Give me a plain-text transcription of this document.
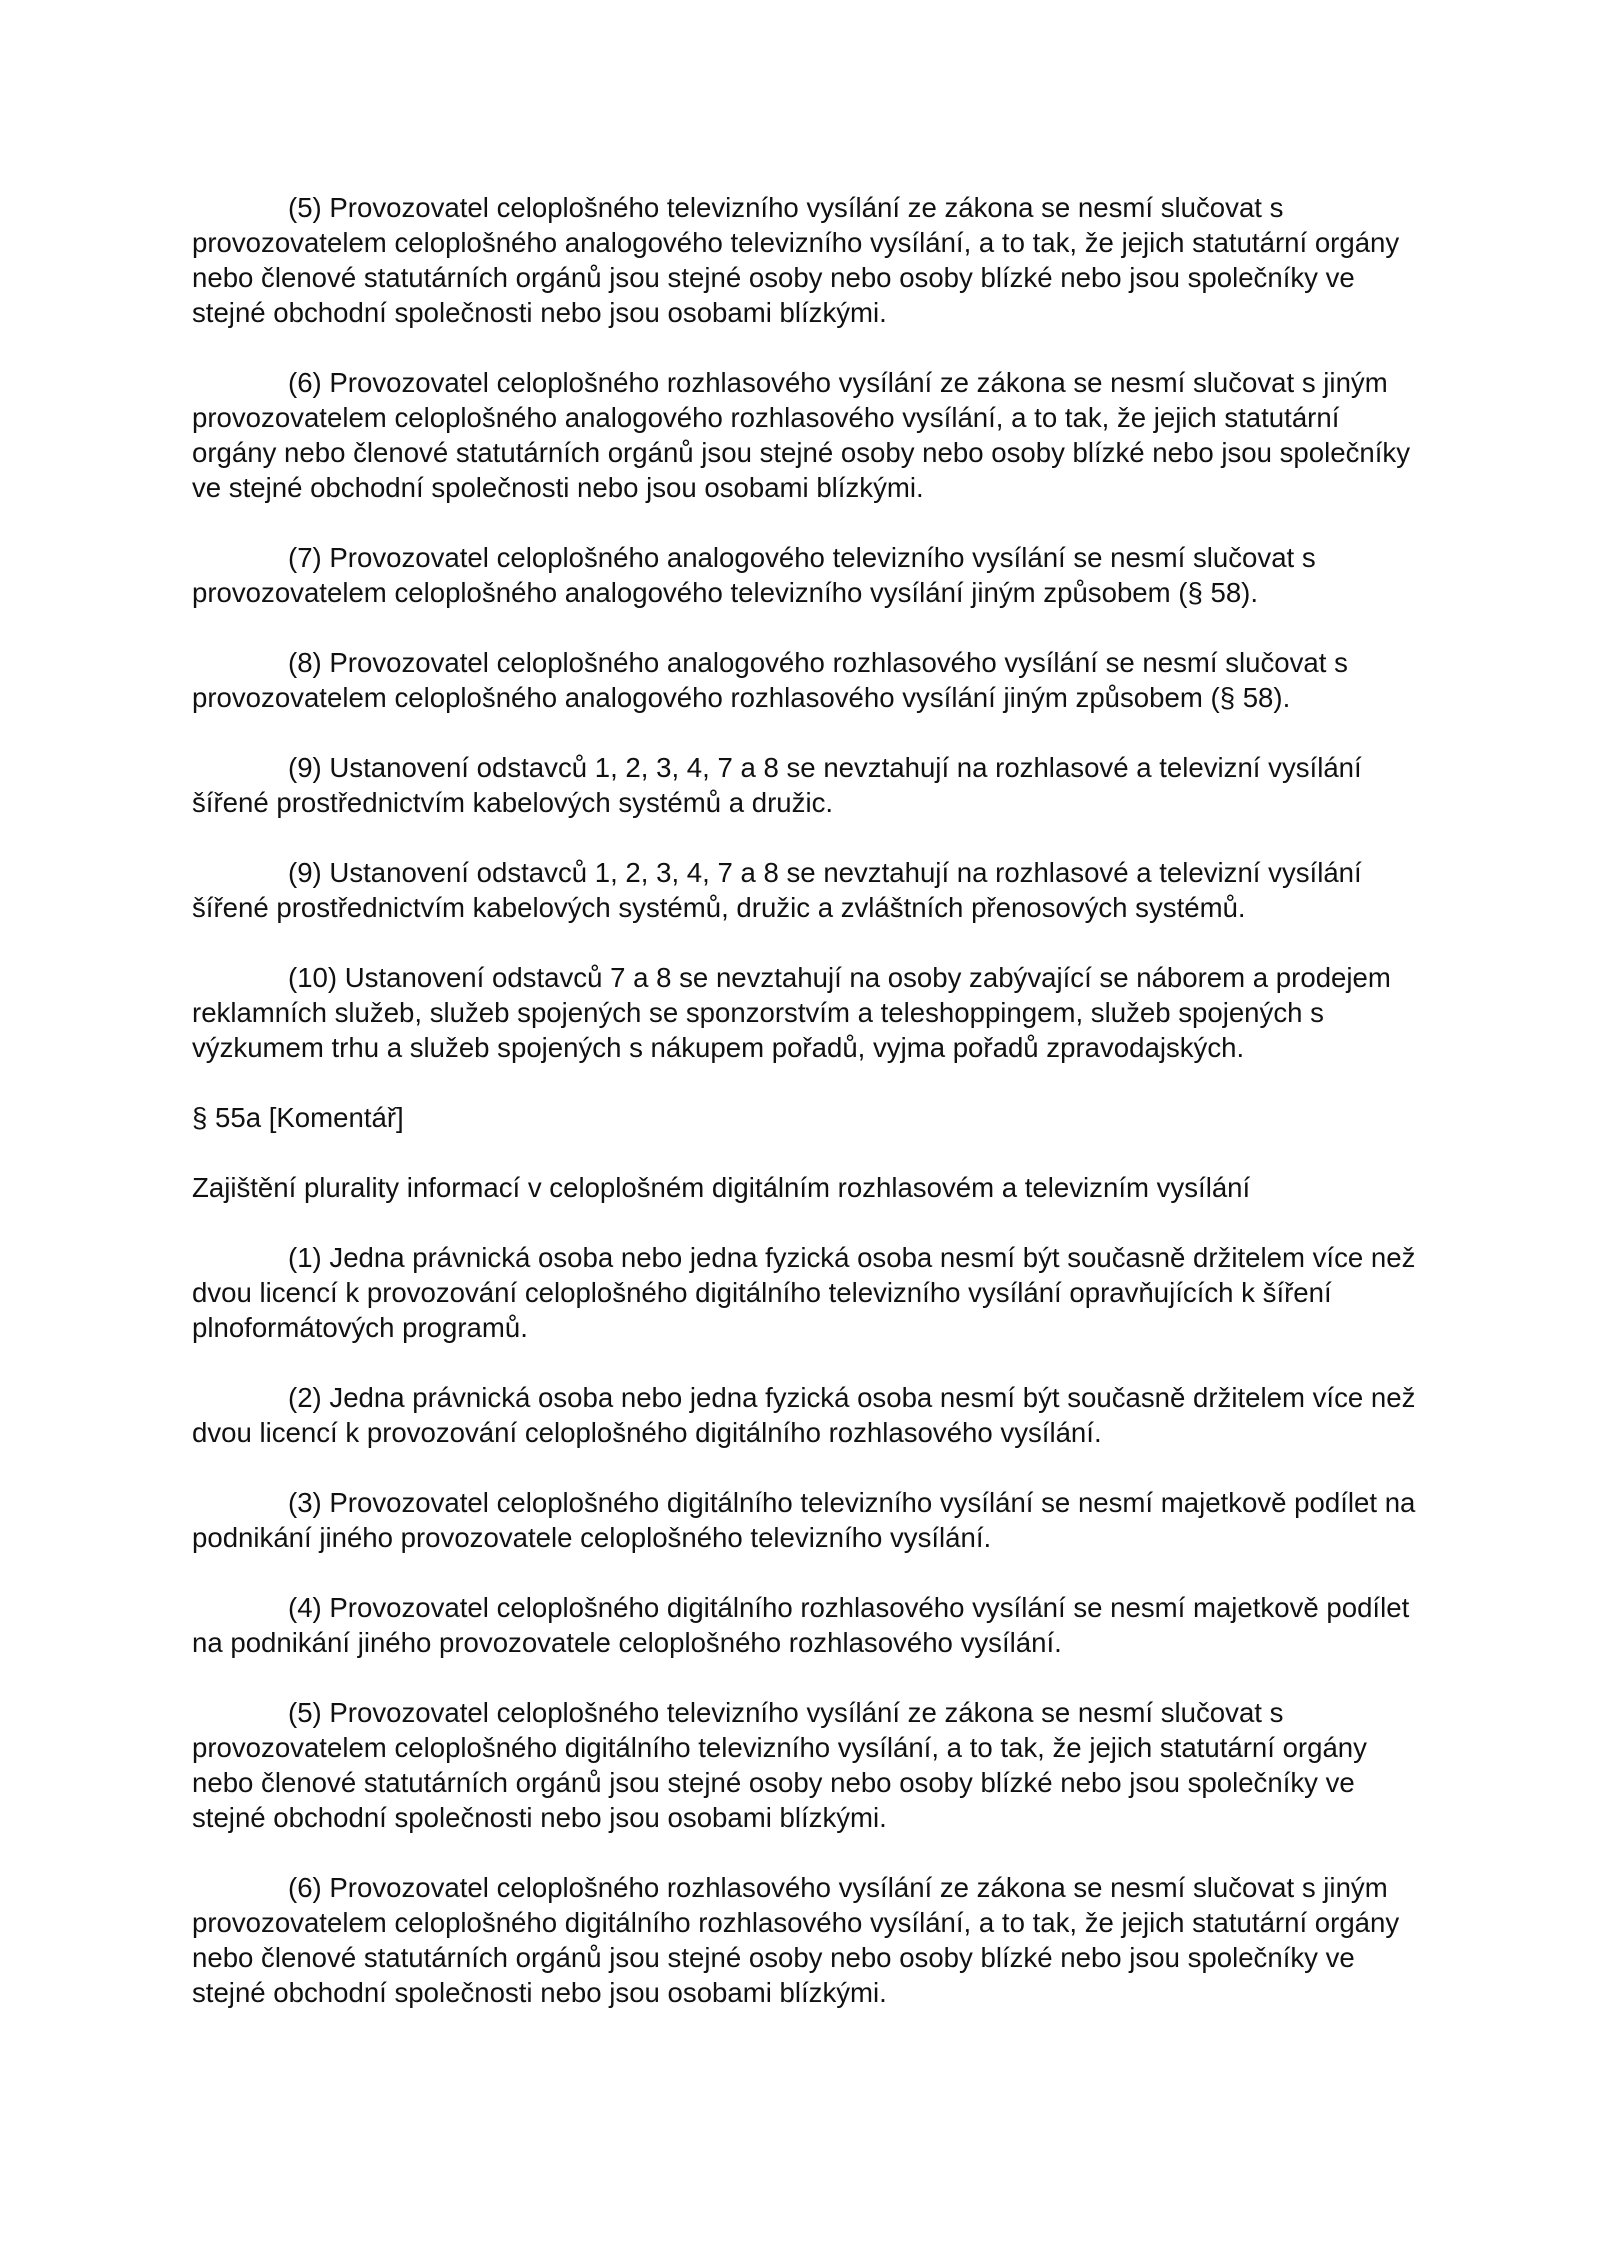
(5) Provozovatel celoplošného televizního vysílání ze zákona se nesmí slučovat s provozovatelem celoplošného analogového televizního vysílání, a to tak, že jejich statutární orgány nebo členové statutárních orgánů jsou stejné osoby nebo osoby blízké nebo jsou společníky ve stejné obchodní společnosti nebo jsou osobami blízkými.

(6) Provozovatel celoplošného rozhlasového vysílání ze zákona se nesmí slučovat s jiným provozovatelem celoplošného analogového rozhlasového vysílání, a to tak, že jejich statutární orgány nebo členové statutárních orgánů jsou stejné osoby nebo osoby blízké nebo jsou společníky ve stejné obchodní společnosti nebo jsou osobami blízkými.

(7) Provozovatel celoplošného analogového televizního vysílání se nesmí slučovat s provozovatelem celoplošného analogového televizního vysílání jiným způsobem (§ 58).

(8) Provozovatel celoplošného analogového rozhlasového vysílání se nesmí slučovat s provozovatelem celoplošného analogového rozhlasového vysílání jiným způsobem (§ 58).

(9) Ustanovení odstavců 1, 2, 3, 4, 7 a 8 se nevztahují na rozhlasové a televizní vysílání šířené prostřednictvím kabelových systémů a družic.

(9) Ustanovení odstavců 1, 2, 3, 4, 7 a 8 se nevztahují na rozhlasové a televizní vysílání šířené prostřednictvím kabelových systémů, družic a zvláštních přenosových systémů.

(10) Ustanovení odstavců 7 a 8 se nevztahují na osoby zabývající se náborem a prodejem reklamních služeb, služeb spojených se sponzorstvím a teleshoppingem, služeb spojených s výzkumem trhu a služeb spojených s nákupem pořadů, vyjma pořadů zpravodajských.

§ 55a [Komentář]

Zajištění plurality informací v celoplošném digitálním rozhlasovém a televizním vysílání

(1) Jedna právnická osoba nebo jedna fyzická osoba nesmí být současně držitelem více než dvou licencí k provozování celoplošného digitálního televizního vysílání opravňujících k šíření plnoformátových programů.

(2) Jedna právnická osoba nebo jedna fyzická osoba nesmí být současně držitelem více než dvou licencí k provozování celoplošného digitálního rozhlasového vysílání.

(3) Provozovatel celoplošného digitálního televizního vysílání se nesmí majetkově podílet na podnikání jiného provozovatele celoplošného televizního vysílání.

(4) Provozovatel celoplošného digitálního rozhlasového vysílání se nesmí majetkově podílet na podnikání jiného provozovatele celoplošného rozhlasového vysílání.

(5) Provozovatel celoplošného televizního vysílání ze zákona se nesmí slučovat s provozovatelem celoplošného digitálního televizního vysílání, a to tak, že jejich statutární orgány nebo členové statutárních orgánů jsou stejné osoby nebo osoby blízké nebo jsou společníky ve stejné obchodní společnosti nebo jsou osobami blízkými.

(6) Provozovatel celoplošného rozhlasového vysílání ze zákona se nesmí slučovat s jiným provozovatelem celoplošného digitálního rozhlasového vysílání, a to tak, že jejich statutární orgány nebo členové statutárních orgánů jsou stejné osoby nebo osoby blízké nebo jsou společníky ve stejné obchodní společnosti nebo jsou osobami blízkými.
